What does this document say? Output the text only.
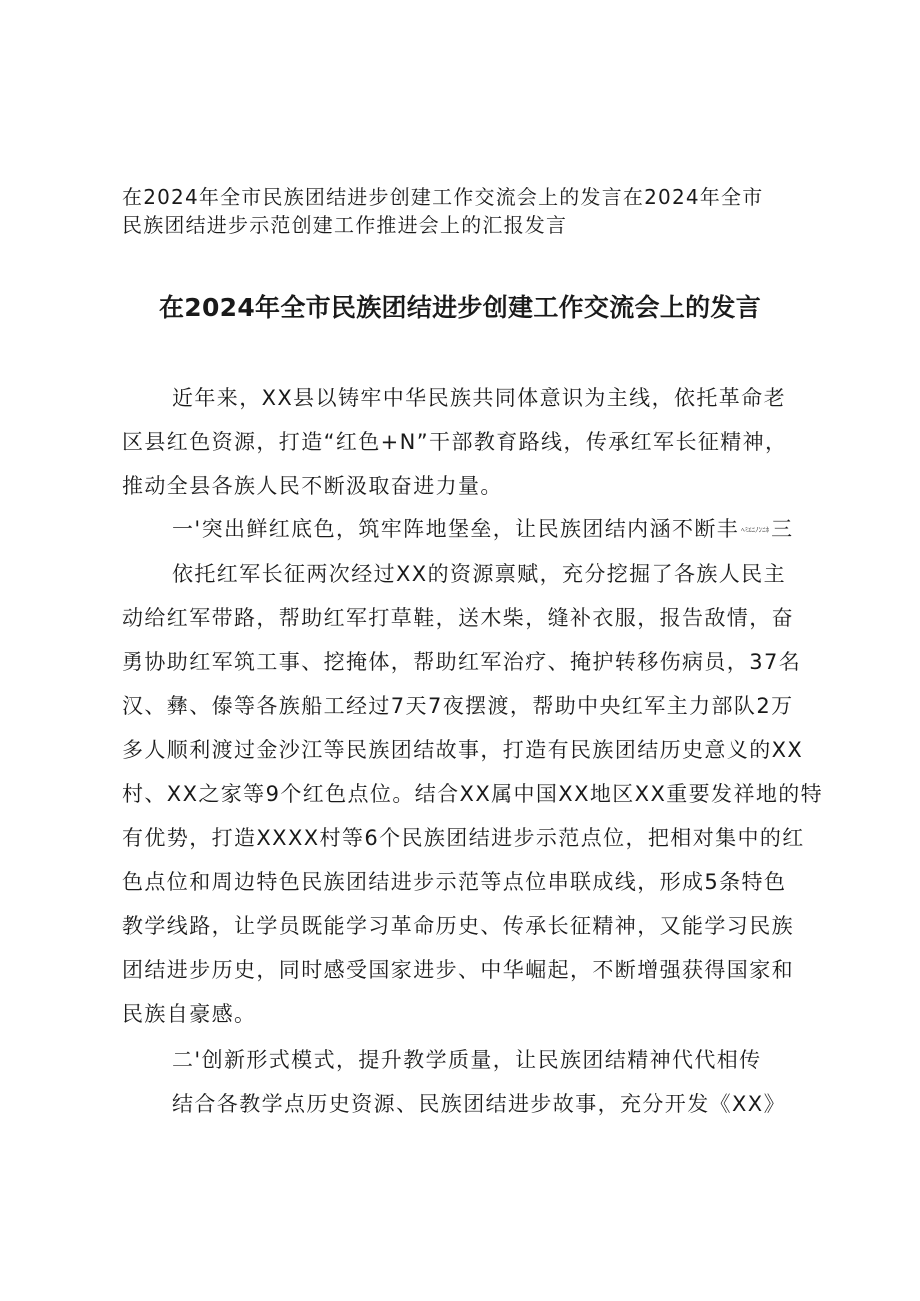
在2024年全市民族团结进步创建工作交流会上的发言在2024年全市
民族团结进步示范创建工作推进会上的汇报发言
在2024年全市民族团结进步创建工作交流会上的发言
近年来，XX县以铸牢中华民族共同体意识为主线，依托革命老
区县红色资源，打造“红色+N”干部教育路线，传承红军长征精神，
推动全县各族人民不断汲取奋进力量。
一'突出鲜红底色，筑牢阵地堡垒，让民族团结内涵不断丰 ﾍﾐｴﾆﾉﾝﾆﾎ三
依托红军长征两次经过XX的资源禀赋，充分挖掘了各族人民主
动给红军带路，帮助红军打草鞋，送木柴，缝补衣服，报告敌情，奋
勇协助红军筑工事、挖掩体，帮助红军治疗、掩护转移伤病员，37名
汉、彝、傣等各族船工经过7天7夜摆渡，帮助中央红军主力部队2万
多人顺利渡过金沙江等民族团结故事，打造有民族团结历史意义的XX
村、XX之家等9个红色点位。结合XX属中国XX地区XX重要发祥地的特
有优势，打造XXXX村等6个民族团结进步示范点位，把相对集中的红
色点位和周边特色民族团结进步示范等点位串联成线，形成5条特色
教学线路，让学员既能学习革命历史、传承长征精神，又能学习民族
团结进步历史，同时感受国家进步、中华崛起，不断增强获得国家和
民族自豪感。
二'创新形式模式，提升教学质量，让民族团结精神代代相传
结合各教学点历史资源、民族团结进步故事，充分开发《XX》
